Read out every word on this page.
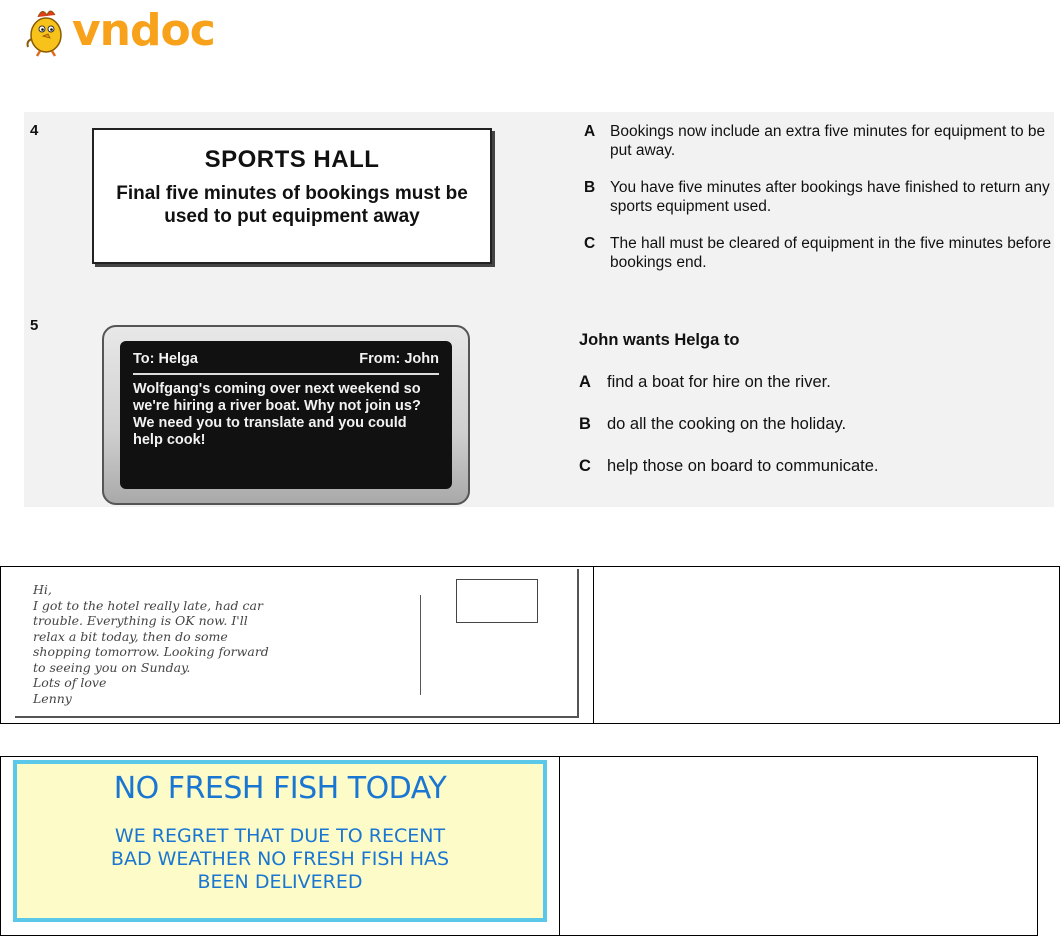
vndoc
4
SPORTS HALL
Final five minutes of bookings must be used to put equipment away
A Bookings now include an extra five minutes for equipment to be put away.
B You have five minutes after bookings have finished to return any sports equipment used.
C The hall must be cleared of equipment in the five minutes before bookings end.
5
To: Helga	From: John
Wolfgang's coming over next weekend so we're hiring a river boat. Why not join us? We need you to translate and you could help cook!
John wants Helga to
A find a boat for hire on the river.
B do all the cooking on the holiday.
C help those on board to communicate.
Hi,
I got to the hotel really late, had car
trouble. Everything is OK now. I'll
relax a bit today, then do some
shopping tomorrow. Looking forward
to seeing you on Sunday.
Lots of love
Lenny

NO FRESH FISH TODAY
WE REGRET THAT DUE TO RECENT
BAD WEATHER NO FRESH FISH HAS
BEEN DELIVERED
